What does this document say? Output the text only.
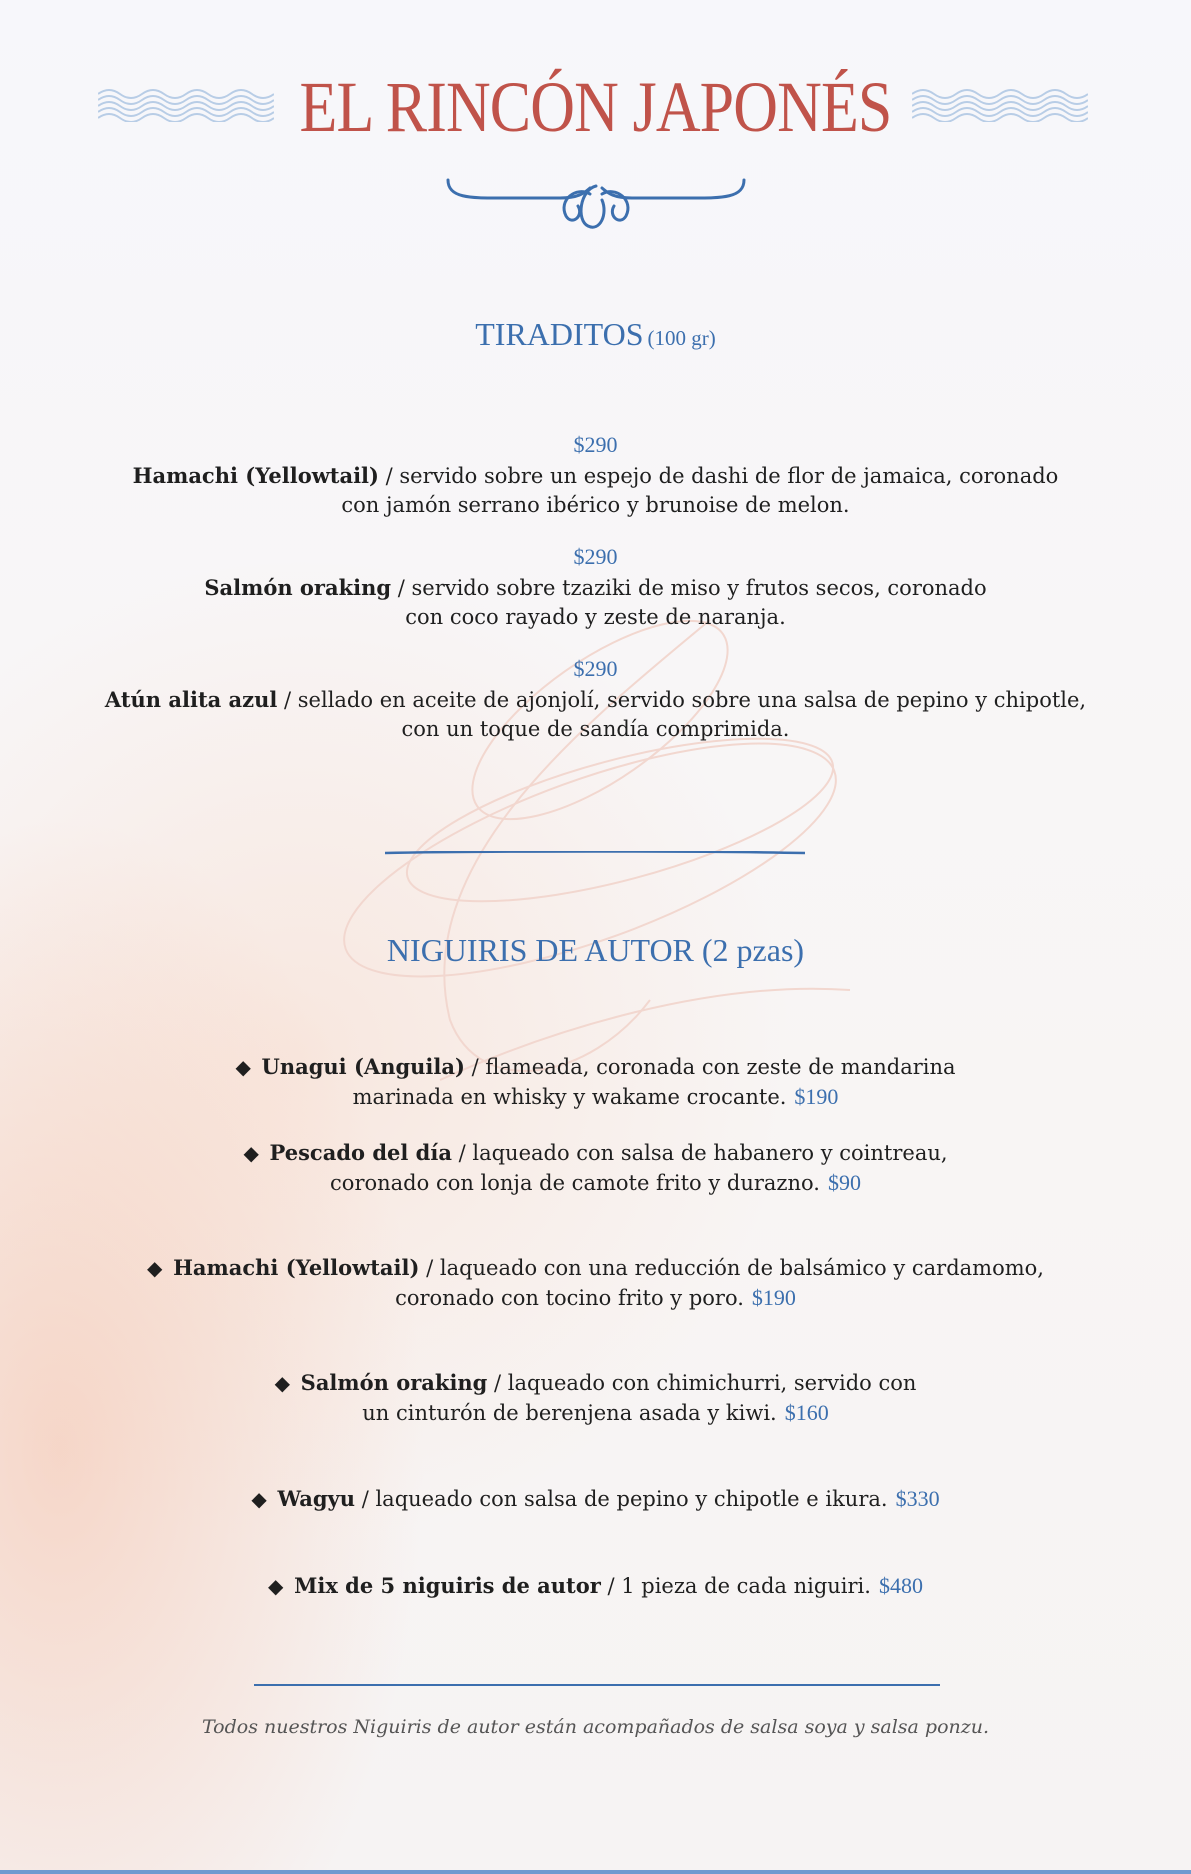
EL RINCÓN JAPONÉS
TIRADITOS (100 gr)
$290
Hamachi (Yellowtail) / servido sobre un espejo de dashi de flor de jamaica, coronado
con jamón serrano ibérico y brunoise de melon.
$290
Salmón oraking / servido sobre tzaziki de miso y frutos secos, coronado
con coco rayado y zeste de naranja.
$290
Atún alita azul / sellado en aceite de ajonjolí, servido sobre una salsa de pepino y chipotle,
con un toque de sandía comprimida.
NIGUIRIS DE AUTOR (2 pzas)
◆ Unagui (Anguila) / flameada, coronada con zeste de mandarina
marinada en whisky y wakame crocante. $190
◆ Pescado del día / laqueado con salsa de habanero y cointreau,
coronado con lonja de camote frito y durazno. $90
◆ Hamachi (Yellowtail) / laqueado con una reducción de balsámico y cardamomo,
coronado con tocino frito y poro. $190
◆ Salmón oraking / laqueado con chimichurri, servido con
un cinturón de berenjena asada y kiwi. $160
◆ Wagyu / laqueado con salsa de pepino y chipotle e ikura. $330
◆ Mix de 5 niguiris de autor / 1 pieza de cada niguiri. $480
Todos nuestros Niguiris de autor están acompañados de salsa soya y salsa ponzu.
